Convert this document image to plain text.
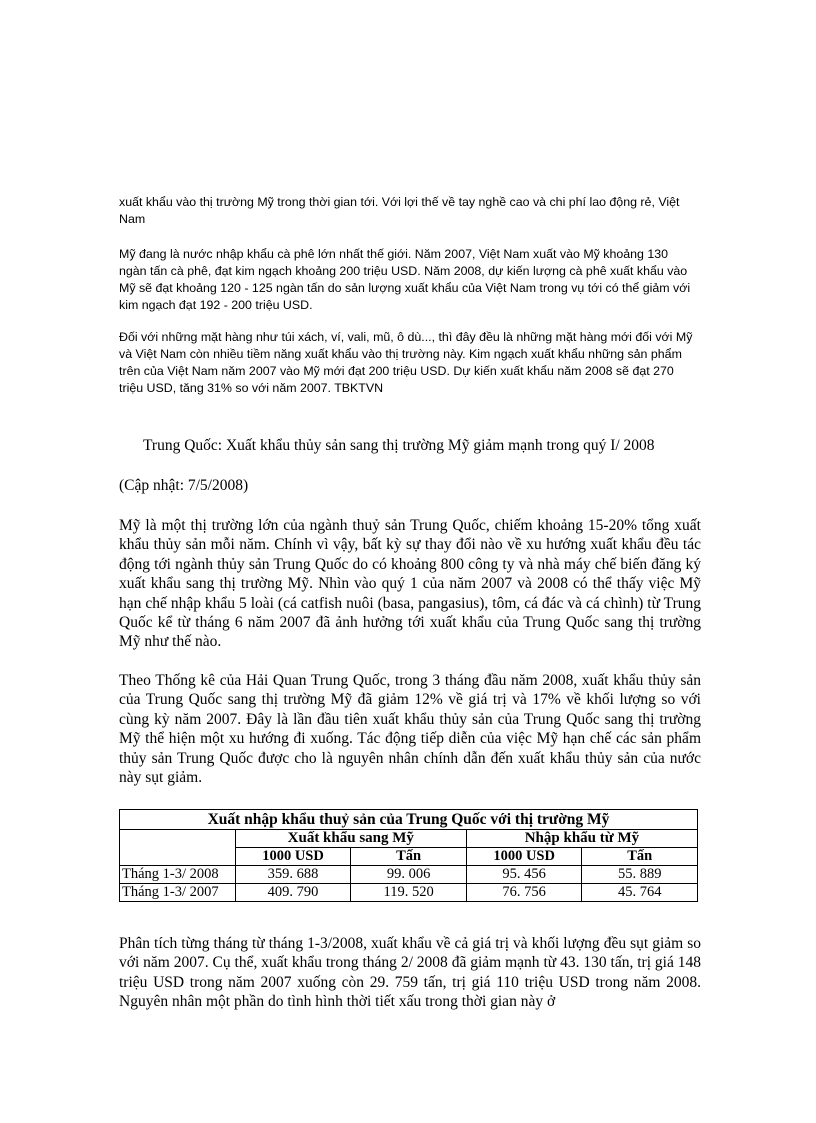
xuất khẩu vào thị trường Mỹ trong thời gian tới. Với lợi thế về tay nghề cao và chi phí lao động rẻ, Việt Nam

Mỹ đang là nước nhập khẩu cà phê lớn nhất thế giới. Năm 2007, Việt Nam xuất vào Mỹ khoảng 130 ngàn tấn cà phê, đạt kim ngạch khoảng 200 triệu USD. Năm 2008, dự kiến lượng cà phê xuất khẩu vào Mỹ sẽ đạt khoảng 120 - 125 ngàn tấn do sản lượng xuất khẩu của Việt Nam trong vụ tới có thể giảm với kim ngạch đạt 192 - 200 triệu USD.

Đối với những mặt hàng như túi xách, ví, vali, mũ, ô dù..., thì đây đều là những mặt hàng mới đối với Mỹ và Việt Nam còn nhiều tiềm năng xuất khẩu vào thị trường này. Kim ngạch xuất khẩu những sản phẩm trên của Việt Nam năm 2007 vào Mỹ mới đạt 200 triệu USD. Dự kiến xuất khẩu năm 2008 sẽ đạt 270 triệu USD, tăng 31% so với năm 2007. TBKTVN

Trung Quốc: Xuất khẩu thủy sản sang thị trường Mỹ giảm mạnh trong quý I/ 2008

(Cập nhật: 7/5/2008)

Mỹ là một thị trường lớn của ngành thuỷ sản Trung Quốc, chiếm khoảng 15-20% tổng xuất khẩu thủy sản mỗi năm. Chính vì vậy, bất kỳ sự thay đổi nào về xu hướng xuất khẩu đều tác động tới ngành thủy sản Trung Quốc do có khoảng 800 công ty và nhà máy chế biến đăng ký xuất khẩu sang thị trường Mỹ. Nhìn vào quý 1 của năm 2007 và 2008 có thể thấy việc Mỹ hạn chế nhập khẩu 5 loài (cá catfish nuôi (basa, pangasius), tôm, cá đác và cá chình) từ Trung Quốc kể từ tháng 6 năm 2007 đã ảnh hưởng tới xuất khẩu của Trung Quốc sang thị trường Mỹ như thế nào.

Theo Thống kê của Hải Quan Trung Quốc, trong 3 tháng đầu năm 2008, xuất khẩu thủy sản của Trung Quốc sang thị trường Mỹ đã giảm 12% về giá trị và 17% về khối lượng so với cùng kỳ năm 2007. Đây là lần đầu tiên xuất khẩu thủy sản của Trung Quốc sang thị trường Mỹ thể hiện một xu hướng đi xuống. Tác động tiếp diễn của việc Mỹ hạn chế các sản phẩm thủy sản Trung Quốc được cho là nguyên nhân chính dẫn đến xuất khẩu thủy sản của nước này sụt giảm.

Xuất nhập khẩu thuỷ sản của Trung Quốc với thị trường Mỹ				
	Xuất khẩu sang Mỹ		Nhập khẩu từ Mỹ	
	1000 USD	Tấn	1000 USD	Tấn
Tháng 1-3/ 2008	359. 688	99. 006	95. 456	55. 889
Tháng 1-3/ 2007	409. 790	119. 520	76. 756	45. 764

Phân tích từng tháng từ tháng 1-3/2008, xuất khẩu về cả giá trị và khối lượng đều sụt giảm so với năm 2007. Cụ thể, xuất khẩu trong tháng 2/ 2008 đã giảm mạnh từ 43. 130 tấn, trị giá 148 triệu USD trong năm 2007 xuống còn 29. 759 tấn, trị giá 110 triệu USD trong năm 2008. Nguyên nhân một phần do tình hình thời tiết xấu trong thời gian này ở
